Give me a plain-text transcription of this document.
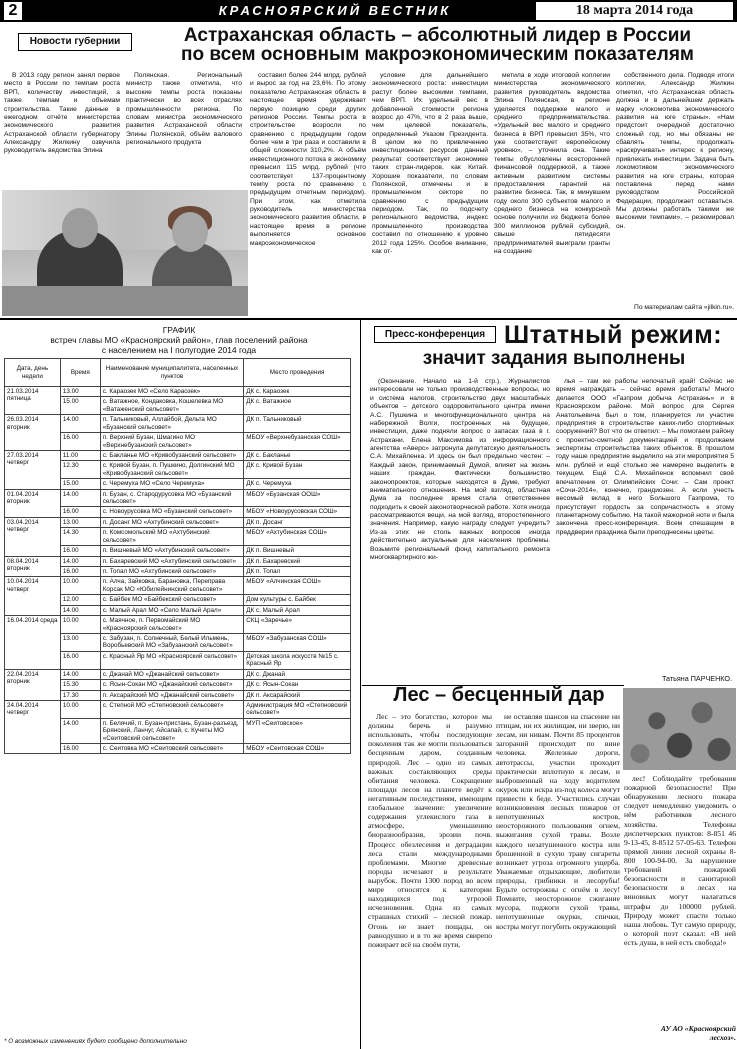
2	КРАСНОЯРСКИЙ ВЕСТНИК	18 марта 2014 года
Новости губернии	Астраханская область – абсолютный лидер в России
по всем основным макроэкономическим показателям

В 2013 году регион занял первое место в России по темпам роста ВРП, количеству инвестиций, а также темпам и объемам строительства. Такие данные в ежегодном отчёте министерства экономического развития Астраханской области губернатору Александру Жилкину озвучила руководитель ведомства Элина

Полянская. Региональный министр также отметила, что высокие темпы роста показаны практически во всех отраслях промышленности региона. По словам министра экономического развития Астраханской области Элины Полянской, объём валового регионального продукта

составил более 244 млрд. рублей и вырос за год на 23,6%. По этому показателю Астраханская область в настоящее время удерживает первую позицию среди других регионов России. Темпы роста в строительстве возросли по сравнению с предыдущим годом более чем в три раза и составили в общей сложности 310,2%. А объём инвестиционного потока в экономику превысил 115 млрд. рублей (что соответствует 137-процентному темпу роста по сравнению с предыдущим отчетным периодом). При этом, как отметила руководитель министерства экономического развития области, в настоящее время в регионе выполняется основное макроэкономическое

условие для дальнейшего экономического роста: инвестиции растут более высокими темпами, чем ВРП. Их удельный вес в добавленной стоимости региона возрос до 47%, что в 2 раза выше, чем целевой показатель, определенный Указом Президента. В целом же по привлечению инвестиционных ресурсов данный результат соответствует экономике таких стран-лидеров, как Китай. Хорошие показатели, по словам Полянской, отмечены и в промышленном секторе по сравнению с предыдущим периодом. Так, по подсчету регионального ведомства, индекс промышленного производства составил по отношению к уровню 2012 года 125%. Особое внимание, как от-

метила в ходе итоговой коллегии министерства экономического развития руководитель ведомства Элина Полянская, в регионе уделяется поддержке малого и среднего предпринимательства. «Удельный вес малого и среднего бизнеса в ВРП превысил 35%, что уже соответствует европейскому уровню», – уточнила она. Такие темпы обусловлены всесторонней финансовой поддержкой, а также активным развитием системы предоставления гарантий на развитие бизнеса. Так, в минувшем году около 300 субъектов малого и среднего бизнеса на конкурсной основе получили из бюджета более 300 миллионов рублей субсидий, свыше пятидесяти предпринимателей выиграли гранты на создание

собственного дела. Подводя итоги коллегии, Александр Жилкин отметил, что Астраханская область должна и в дальнейшем держать марку «локомотива экономического развития на юге страны». «Нам предстоит очередной достаточно сложный год, но мы обязаны не сбавлять темпы, продолжать «раскручивать» интерес к региону, привлекать инвестиции. Задача быть локомотивом экономического развития на юге страны, которая поставлена перед нами руководством Российской Федерации, продолжает оставаться. Мы должны работать такими же высокими темпами», – резюмировал он.

По материалам сайта «jilkin.ru».
ГРАФИК
встреч главы МО «Красноярский район», глав поселений района
с населением на I полугодие 2014 года
Дата, день недели	Время	Наименование муниципалитета, населенных пунктов	Место проведения
21.03.2014 пятница	13.00	с. Караозек МО «Село Караозек»	ДК с. Караозек
	15.00	с. Ватажное, Кондаковка, Кошелевка МО «Ватаженский сельсовет»	ДК с. Ватажное
26.03.2014 вторник	14.00	п. Тальниковый, Аллайбой, Дельта МО «Бузанский сельсовет»	ДК п. Тальниковый
	16.00	п. Верхний Бузан, Шмагино МО «Верхнебузанский сельсовет»	МБОУ «Верхнебузанская СОШ»
27.03.2014 четверг	11.00	с. Бакланье МО «Кривобузанский сельсовет»	ДК с. Бакланье
	12.30	с. Кривой Бузан, п. Пушкино, Долгинский МО «Кривобузанский сельсовет»	ДК с. Кривой Бузан
	15.00	с. Черемуха МО «Село Черемуха»	ДК с. Черемуха
01.04.2014 вторник	14.00	п. Бузан, с. Стародурусовка МО «Бузанский сельсовет»	МБОУ «Бузанская ООШ»
	16.00	с. Новоурусовка МО «Бузанский сельсовет»	МБОУ «Новоурусовская СОШ»
03.04.2014 четверг	13.00	п. Досанг МО «Ахтубинский сельсовет»	ДК п. Досанг
	14.30	п. Комсомольский МО «Ахтубинский сельсовет»	МБОУ «Ахтубинская СОШ»
	16.00	п. Вишневый МО «Ахтубинский сельсовет»	ДК п. Вишневый
08.04.2014 вторник	14.00	п. Бахаревский МО «Ахтубинский сельсовет»	ДК п. Бахаревский
	16.00	п. Топал МО «Ахтубинский сельсовет»	ДК п. Топал
10.04.2014 четверг	10.00	п. Алча, Зайковка, Барановка, Переправа Корсак МО «Юбилейнинский сельсовет»	МБОУ «Алчинская СОШ»
	12.00	с. Байбек МО «Байбекский сельсовет»	Дом культуры с. Байбек
	14.00	с. Малый Арал МО «Село Малый Арал»	ДК с. Малый Арал
16.04.2014 среда	10.00	с. Маячное, п. Первомайский МО «Красноярский сельсовет»	СКЦ «Заречье»
	13.00	с. Забузан, п. Солнечный, Белый Ильмень, Воробьевский МО «Забузанский сельсовет»	МБОУ «Забузанская СОШ»
	16.00	с. Красный Яр МО «Красноярский сельсовет»	Детская школа искусств №15 с. Красный Яр
22.04.2014 вторник	14.00	с. Джанай МО «Джанайский сельсовет»	ДК с. Джанай
	15.30	с. Ясын-Сокан МО «Джанайский сельсовет»	ДК с. Ясын-Сокан
	17.30	п. Аксарайский МО «Джанайский сельсовет»	ДК п. Аксарайский
24.04.2014 четверг	10.00	с. Степной МО «Степновский сельсовет»	Администрация МО «Степновский сельсовет»
	14.00	п. Белячий, п. Бузан-пристань, Бузан-разъезд, Брянский, Ланчуг, Айсапай, с. Кучеты МО «Сеитовский сельсовет»	МУП «Сеитовское»
	16.00	с. Сеитовка МО «Сеитовский сельсовет»	МБОУ «Сеитовская СОШ»
* О возможных изменениях будет сообщено дополнительно
Пресс-конференция Штатный режим:
значит задания выполнены

(Окончание. Начало на 1-й стр.). Журналистов интересовали не только производственные вопросы, но и система налогов, строительство двух масштабных объектов – детского оздоровительного центра имени А.С. Пушкина и многофункционального центра на набережной Волги, построенных на будущее, инвестиции, даже подняли вопрос о запасах газа в г. Астрахани. Елена Максимова из информационного агентства «Аверс» затронула депутатскую деятельность С.А. Михайленка. И здесь он был предельно честен: – Каждый закон, принимаемый Думой, влияет на жизнь наших граждан. Фактически большинство законопроектов, которые находятся в Думе, требуют внимательного отношения. На мой взгляд, областная Дума за последнее время стала ответственнее подходить к своей законотворческой работе. Хотя иногда рассматриваются вещи, на мой взгляд, второстепенного значения. Например, какую награду следует учредить? Из-за этих не столь важных вопросов иногда действительно актуальные для населения проблемы. Возьмите региональный фонд капитального ремонта многоквартирного жи-

лья – там же работы непочатый край! Сейчас не время награждать – сейчас время работать! Много делается ООО «Газпром добыча Астрахань» и в Красноярском районе. Мой вопрос для Сергея Анатольевича был о том, планируется ли участие предприятия в строительстве каких-либо спортивных сооружений? Вот что он ответил: – Мы помогаем району с проектно-сметной документацией и продолжаем экспертизы строительства таких объектов. В прошлом году наше предприятие выделило на эти мероприятия 5 млн. рублей и ещё столько же намерено выделить в текущем. Ещё С.А. Михайленок вспомнил своё впечатление от Олимпийских Сочи: – Сам проект «Сочи-2014», конечно, грандиозен. А если учесть весомый вклад в него Большого Газпрома, то присутствует гордость за сопричастность к этому планетарному событию. На такой мажорной ноте и была закончена пресс-конференция. Всем спешащим в преддверии праздника были преподнесены цветы.

Татьяна ПАРЧЕНКО.
Лес – бесценный дар

Лес – это богатство, которое мы должны беречь и разумно использовать, чтобы последующие поколения так же могли пользоваться бесценным даром, созданным природой. Лес – одно из самых важных составляющих среды обитания человека. Сокращение площади лесов на планете ведёт к негативным последствиям, имеющим глобальное значение: увеличение содержания углекислого газа в атмосфере, уменьшению биоразнообразия, эрозии почв. Процесс обезлесения и деградации леса стали междунарoдными проблемами. Многие древесные породы исчезают в результате вырубок. Почти 1300 пород во всем мире относятся к категории находящихся под угрозой исчезновения. Одна из самых страшных стихий – лесной пожар. Огонь не знает пощады, он равнодушно и в то же время свирепо пожирает всё на своём пути,

не оставляя шансов на спасение ни птицам, ни их жилищам, ни зверю, ни лесам, ни нивам. Почти 85 процентов загораний происходит по вине человека. Железные дороги, автотрассы, участки проходит практически вплотную к лесам, и выброшенный на ходу водителем окурок или искра из-под колеса могут привести к беде. Участились случаи возникновения лесных пожаров от непотушенных костров, неосторожного пользования огнем, выжигания сухой травы. Возле каждого незатушенного костра или брошенной в сухую траву сигареты возникает угроза огромного ущерба. Уважаемые отдыхающие, любители природы, грибники и лесорубы! Будьте осторожны с огнём в лесу! Помните, неосторожное сжигание мусора, поджоги сухой травы, непотушенные окурки, спички, костры могут погубить окружающий

лес! Соблюдайте требования пожарной безопасности! При обнаружении лесного пожара следует немедленно уведомить о нём работников лесного хозяйства. Телефоны диспетчерских пунктов: 8-851 46 9-13-45, 8-8512 57-05-63. Телефон прямой линии лесной охраны 8-800 100-94-00. За нарушение требований пожарной безопасности и санитарной безопасности в лесах на виновных могут налагаться штрафы до 100000 рублей. Природу может спасти только наша любовь. Тут самую природу, о которой поэт сказал: «В ней есть душа, в ней есть свобода!»

АУ АО «Красноярский
лесхоз».
